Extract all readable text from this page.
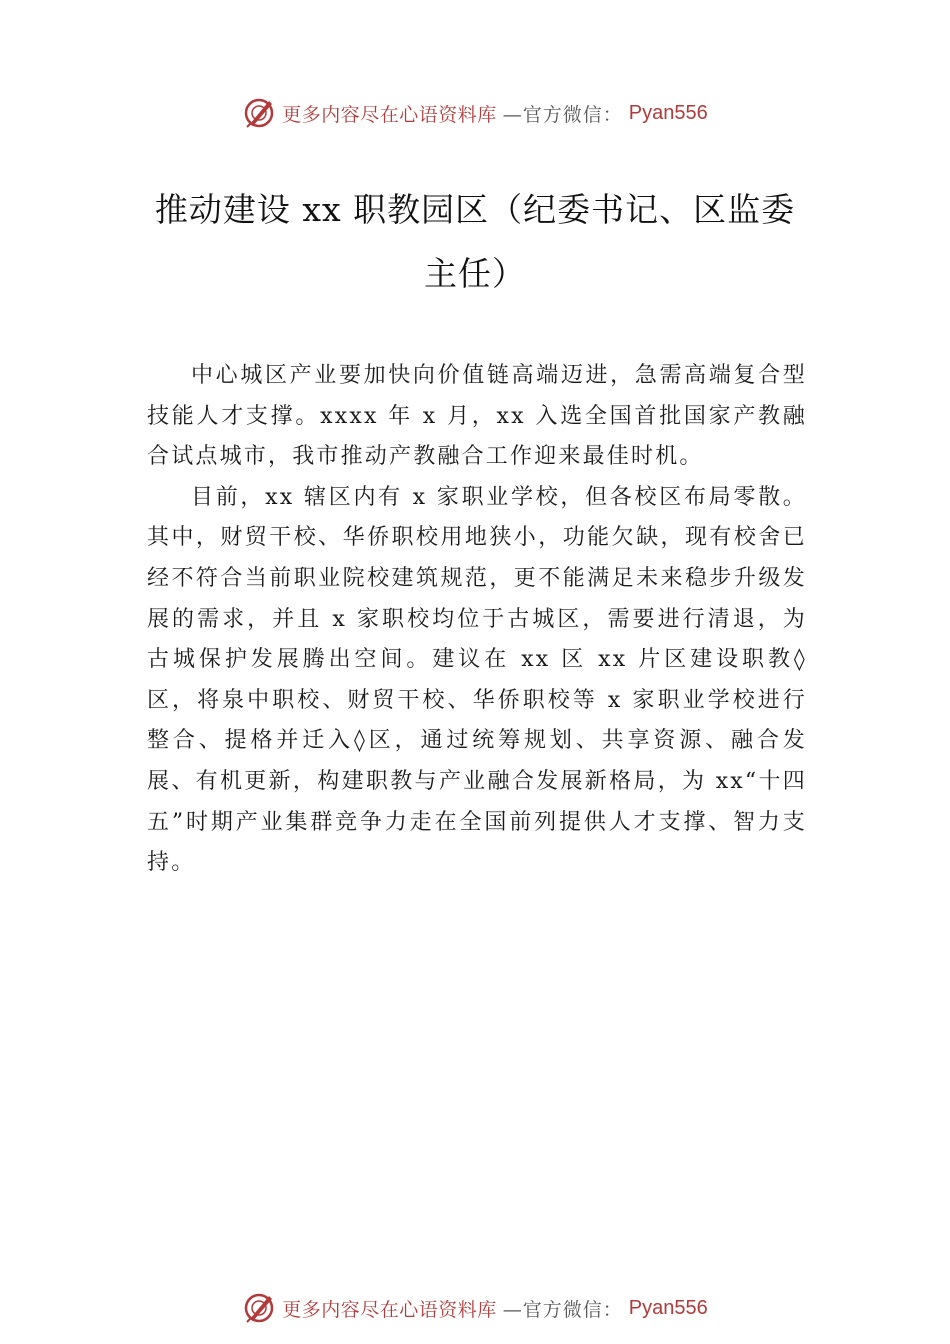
更多内容尽在心语资料库 —官方微信： Pyan556
推动建设 xx 职教园区（纪委书记、区监委主任）

中心城区产业要加快向价值链高端迈进，急需高端复合型技能人才支撑。xxxx 年 x 月，xx 入选全国首批国家产教融合试点城市，我市推动产教融合工作迎来最佳时机。

目前，xx 辖区内有 x 家职业学校，但各校区布局零散。其中，财贸干校、华侨职校用地狭小，功能欠缺，现有校舍已经不符合当前职业院校建筑规范，更不能满足未来稳步升级发展的需求，并且 x 家职校均位于古城区，需要进行清退，为古城保护发展腾出空间。建议在 xx 区 xx 片区建设职教◊区，将泉中职校、财贸干校、华侨职校等 x 家职业学校进行整合、提格并迁入◊区，通过统筹规划、共享资源、融合发展、有机更新，构建职教与产业融合发展新格局，为 xx“十四五”时期产业集群竞争力走在全国前列提供人才支撑、智力支持。

更多内容尽在心语资料库 —官方微信： Pyan556
